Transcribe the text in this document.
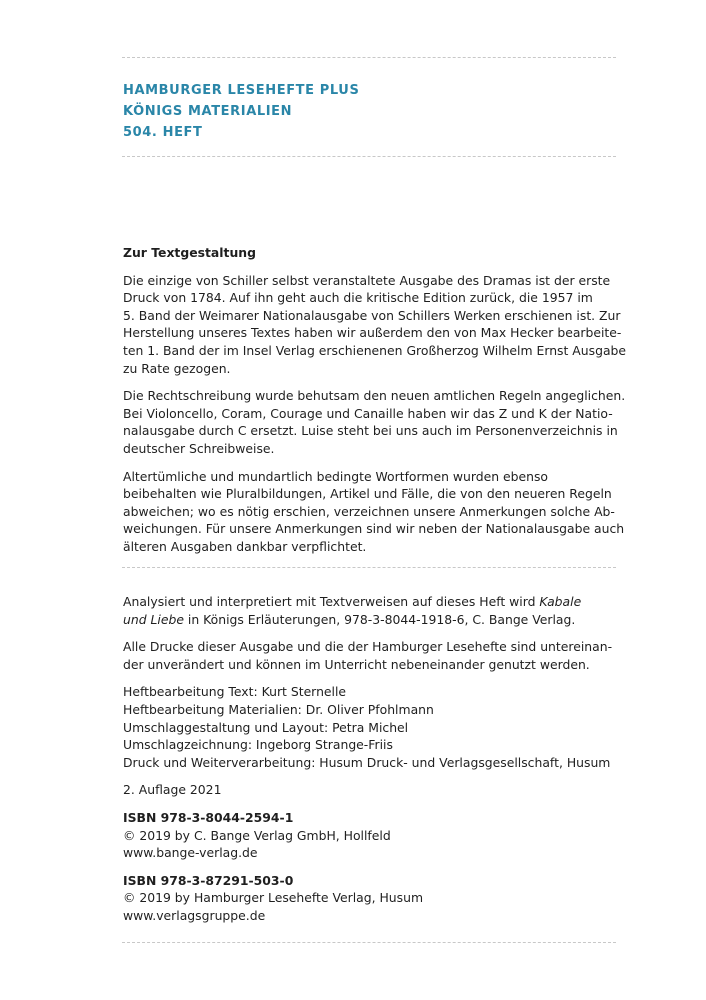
HAMBURGER LESEHEFTE PLUS
KÖNIGS MATERIALIEN
504. HEFT

Zur Textgestaltung

Die einzige von Schiller selbst veranstaltete Ausgabe des Dramas ist der erste
Druck von 1784. Auf ihn geht auch die kritische Edition zurück, die 1957 im
5. Band der Weimarer Nationalausgabe von Schillers Werken erschienen ist. Zur
Herstellung unseres Textes haben wir außerdem den von Max Hecker bearbeite-
ten 1. Band der im Insel Verlag erschienenen Großherzog Wilhelm Ernst Ausgabe
zu Rate gezogen.

Die Rechtschreibung wurde behutsam den neuen amtlichen Regeln angeglichen.
Bei Violoncello, Coram, Courage und Canaille haben wir das Z und K der Natio-
nalausgabe durch C ersetzt. Luise steht bei uns auch im Personenverzeichnis in
deutscher Schreibweise.

Altertümliche und mundartlich bedingte Wortformen wurden ebenso
beibehalten wie Pluralbildungen, Artikel und Fälle, die von den neueren Regeln
abweichen; wo es nötig erschien, verzeichnen unsere Anmerkungen solche Ab-
weichungen. Für unsere Anmerkungen sind wir neben der Nationalausgabe auch
älteren Ausgaben dankbar verpflichtet.

Analysiert und interpretiert mit Textverweisen auf dieses Heft wird Kabale
und Liebe in Königs Erläuterungen, 978-3-8044-1918-6, C. Bange Verlag.

Alle Drucke dieser Ausgabe und die der Hamburger Lesehefte sind untereinan-
der unverändert und können im Unterricht nebeneinander genutzt werden.

Heftbearbeitung Text: Kurt Sternelle
Heftbearbeitung Materialien: Dr. Oliver Pfohlmann
Umschlaggestaltung und Layout: Petra Michel
Umschlagzeichnung: Ingeborg Strange-Friis
Druck und Weiterverarbeitung: Husum Druck- und Verlagsgesellschaft, Husum

2. Auflage 2021

ISBN 978-3-8044-2594-1
© 2019 by C. Bange Verlag GmbH, Hollfeld
www.bange-verlag.de

ISBN 978-3-87291-503-0
© 2019 by Hamburger Lesehefte Verlag, Husum
www.verlagsgruppe.de
